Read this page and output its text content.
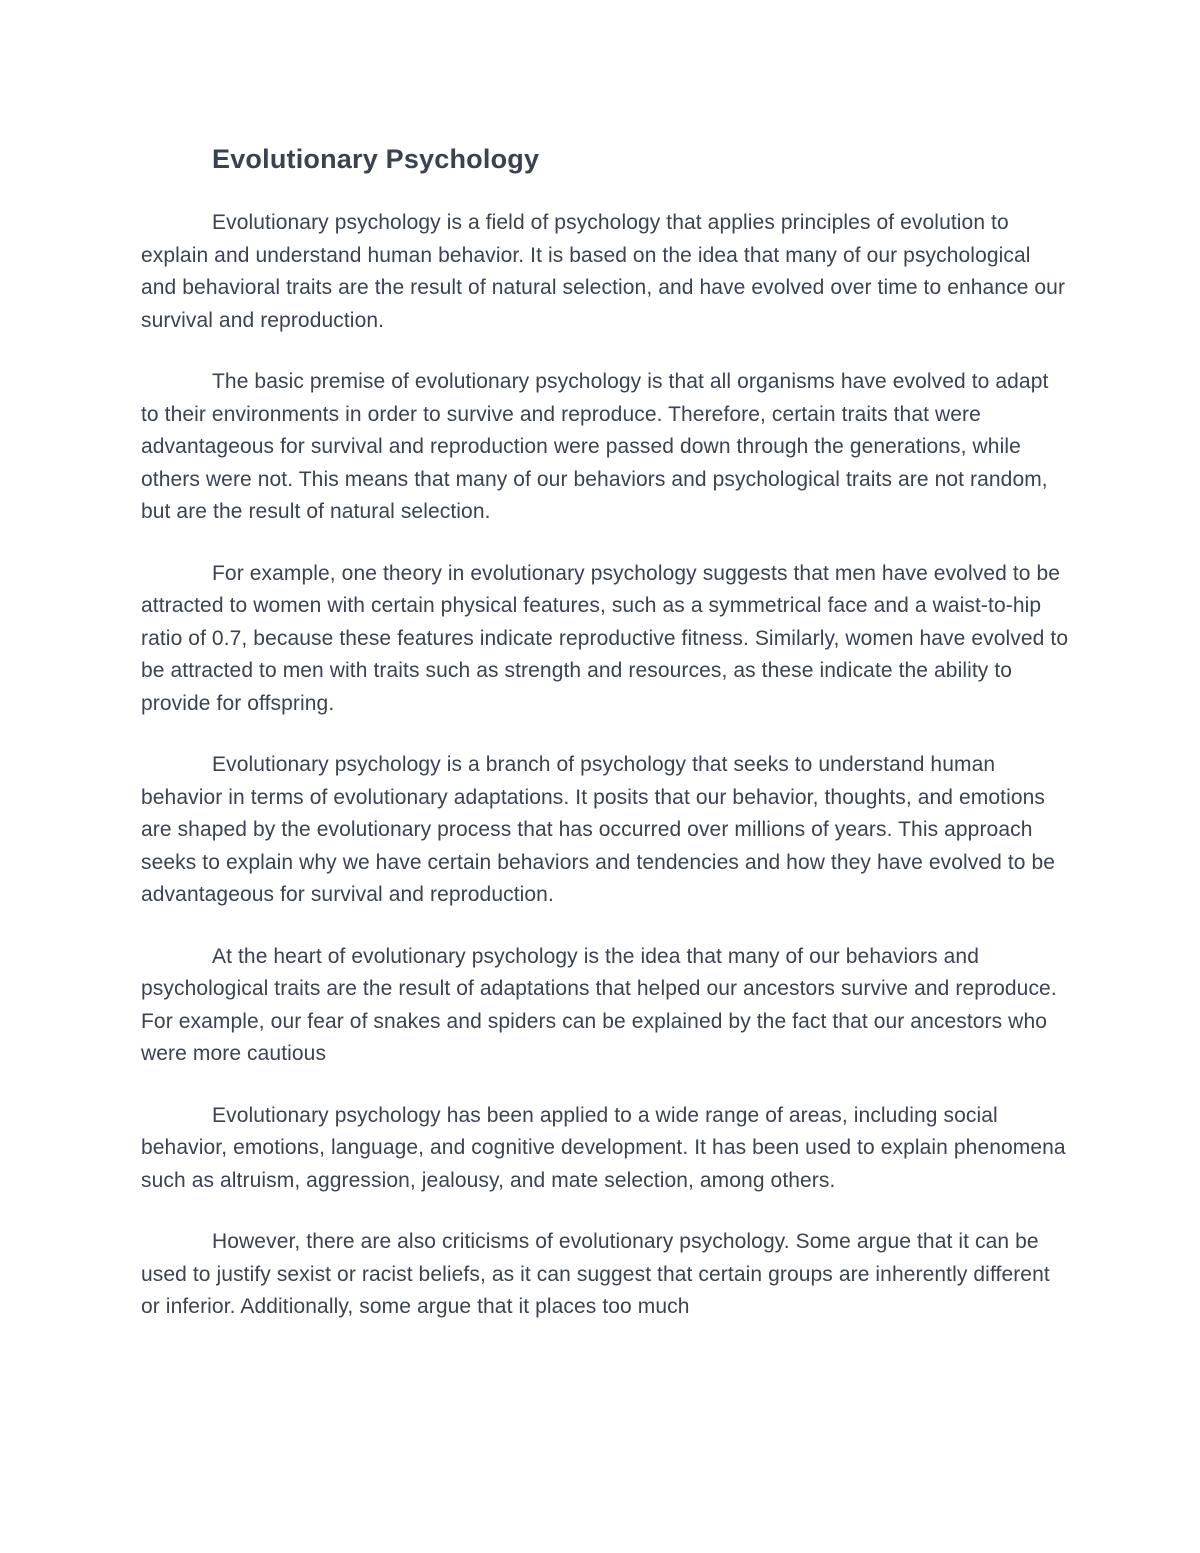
Evolutionary Psychology

Evolutionary psychology is a field of psychology that applies principles of evolution to explain and understand human behavior. It is based on the idea that many of our psychological and behavioral traits are the result of natural selection, and have evolved over time to enhance our survival and reproduction.

The basic premise of evolutionary psychology is that all organisms have evolved to adapt to their environments in order to survive and reproduce. Therefore, certain traits that were advantageous for survival and reproduction were passed down through the generations, while others were not. This means that many of our behaviors and psychological traits are not random, but are the result of natural selection.

For example, one theory in evolutionary psychology suggests that men have evolved to be attracted to women with certain physical features, such as a symmetrical face and a waist-to-hip ratio of 0.7, because these features indicate reproductive fitness. Similarly, women have evolved to be attracted to men with traits such as strength and resources, as these indicate the ability to provide for offspring.

Evolutionary psychology is a branch of psychology that seeks to understand human behavior in terms of evolutionary adaptations. It posits that our behavior, thoughts, and emotions are shaped by the evolutionary process that has occurred over millions of years. This approach seeks to explain why we have certain behaviors and tendencies and how they have evolved to be advantageous for survival and reproduction.

At the heart of evolutionary psychology is the idea that many of our behaviors and psychological traits are the result of adaptations that helped our ancestors survive and reproduce. For example, our fear of snakes and spiders can be explained by the fact that our ancestors who were more cautious

Evolutionary psychology has been applied to a wide range of areas, including social behavior, emotions, language, and cognitive development. It has been used to explain phenomena such as altruism, aggression, jealousy, and mate selection, among others.

However, there are also criticisms of evolutionary psychology. Some argue that it can be used to justify sexist or racist beliefs, as it can suggest that certain groups are inherently different or inferior. Additionally, some argue that it places too much
